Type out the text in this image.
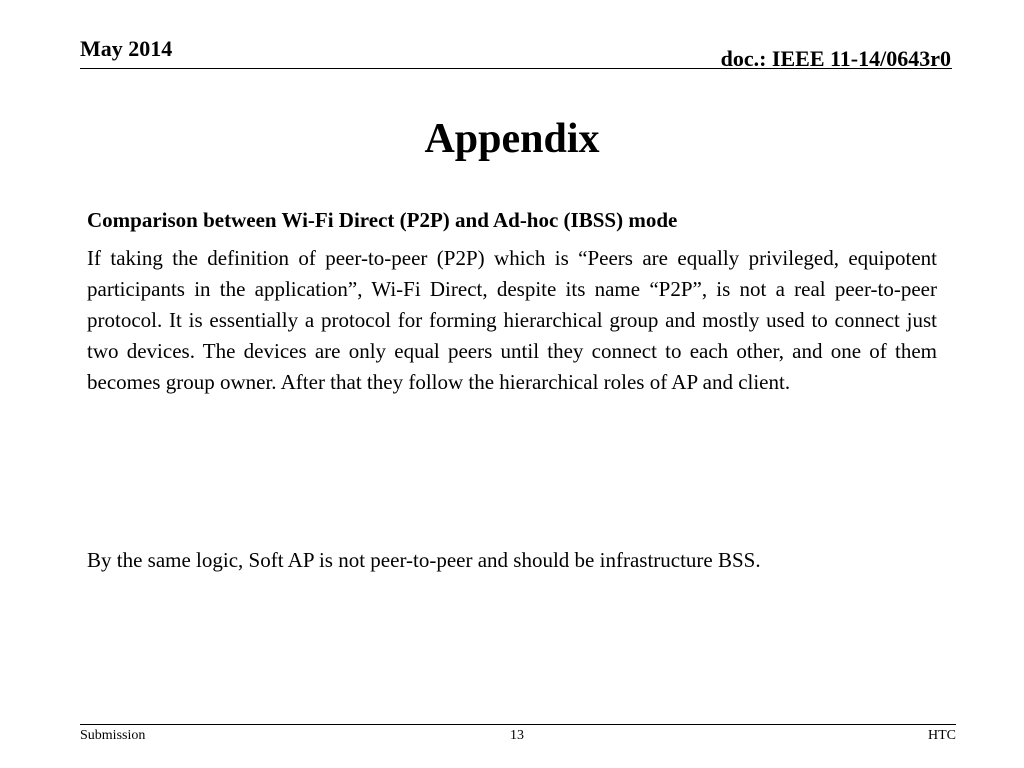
May 2014	doc.: IEEE 11-14/0643r0
Appendix

Comparison between Wi-Fi Direct (P2P) and Ad-hoc (IBSS) mode

If taking the definition of peer-to-peer (P2P) which is “Peers are equally privileged, equipotent participants in the application”, Wi-Fi Direct, despite its name “P2P”, is not a real peer-to-peer protocol. It is essentially a protocol for forming hierarchical group and mostly used to connect just two devices. The devices are only equal peers until they connect to each other, and one of them becomes group owner. After that they follow the hierarchical roles of AP and client.

By the same logic, Soft AP is not peer-to-peer and should be infrastructure BSS.

Submission	13	HTC
